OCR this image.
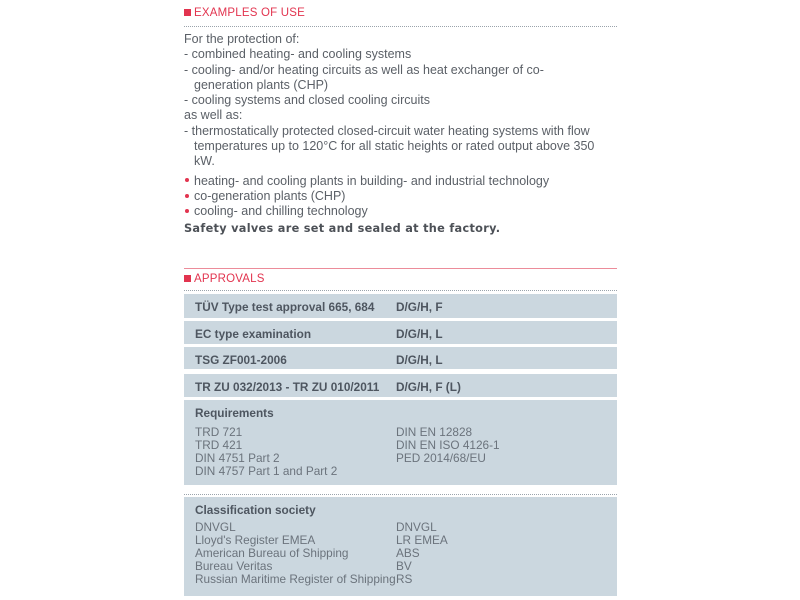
EXAMPLES OF USE
For the protection of:
- combined heating- and cooling systems
- cooling- and/or heating circuits as well as heat exchanger of co-
generation plants (CHP)
- cooling systems and closed cooling circuits
as well as:
- thermostatically protected closed-circuit water heating systems with flow
temperatures up to 120°C for all static heights or rated output above 350
kW.
heating- and cooling plants in building- and industrial technology
co-generation plants (CHP)
cooling- and chilling technology
Safety valves are set and sealed at the factory.
APPROVALS
TÜV Type test approval 665, 684 D/G/H, F
EC type examination	D/G/H, L
TSG ZF001-2006	D/G/H, L
TR ZU 032/2013 - TR ZU 010/2011 D/G/H, F (L)
Requirements
TRD 721
TRD 421
DIN 4751 Part 2
DIN 4757 Part 1 and Part 2
DIN EN 12828
DIN EN ISO 4126-1
PED 2014/68/EU
Classification society
DNVGL
Lloyd's Register EMEA
American Bureau of Shipping
Bureau Veritas
Russian Maritime Register of Shipping
DNVGL
LR EMEA
ABS
BV
RS
